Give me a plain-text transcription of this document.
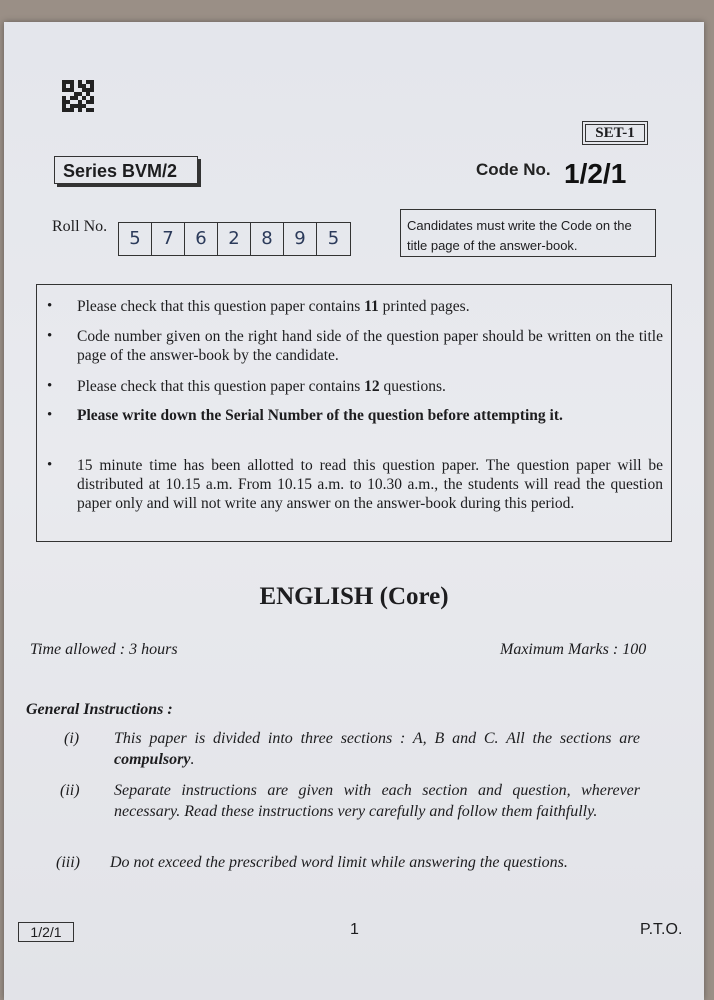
SET-1
Series BVM/2	Code No. 1/2/1
Roll No.
5	7	6	2	8	9	5
Candidates must write the Code on the
title page of the answer-book.
• Please check that this question paper contains 11 printed pages.
• Code number given on the right hand side of the question paper should be written on the title page of the answer-book by the candidate.
• Please check that this question paper contains 12 questions.
• Please write down the Serial Number of the question before attempting it.
• 15 minute time has been allotted to read this question paper. The question paper will be distributed at 10.15 a.m. From 10.15 a.m. to 10.30 a.m., the students will read the question paper only and will not write any answer on the answer-book during this period.
ENGLISH (Core)
Time allowed : 3 hours	Maximum Marks : 100
General Instructions :
(i) This paper is divided into three sections : A, B and C. All the sections are compulsory.
(ii) Separate instructions are given with each section and question, wherever necessary. Read these instructions very carefully and follow them faithfully.
(iii) Do not exceed the prescribed word limit while answering the questions.
1/2/1	1	P.T.O.
